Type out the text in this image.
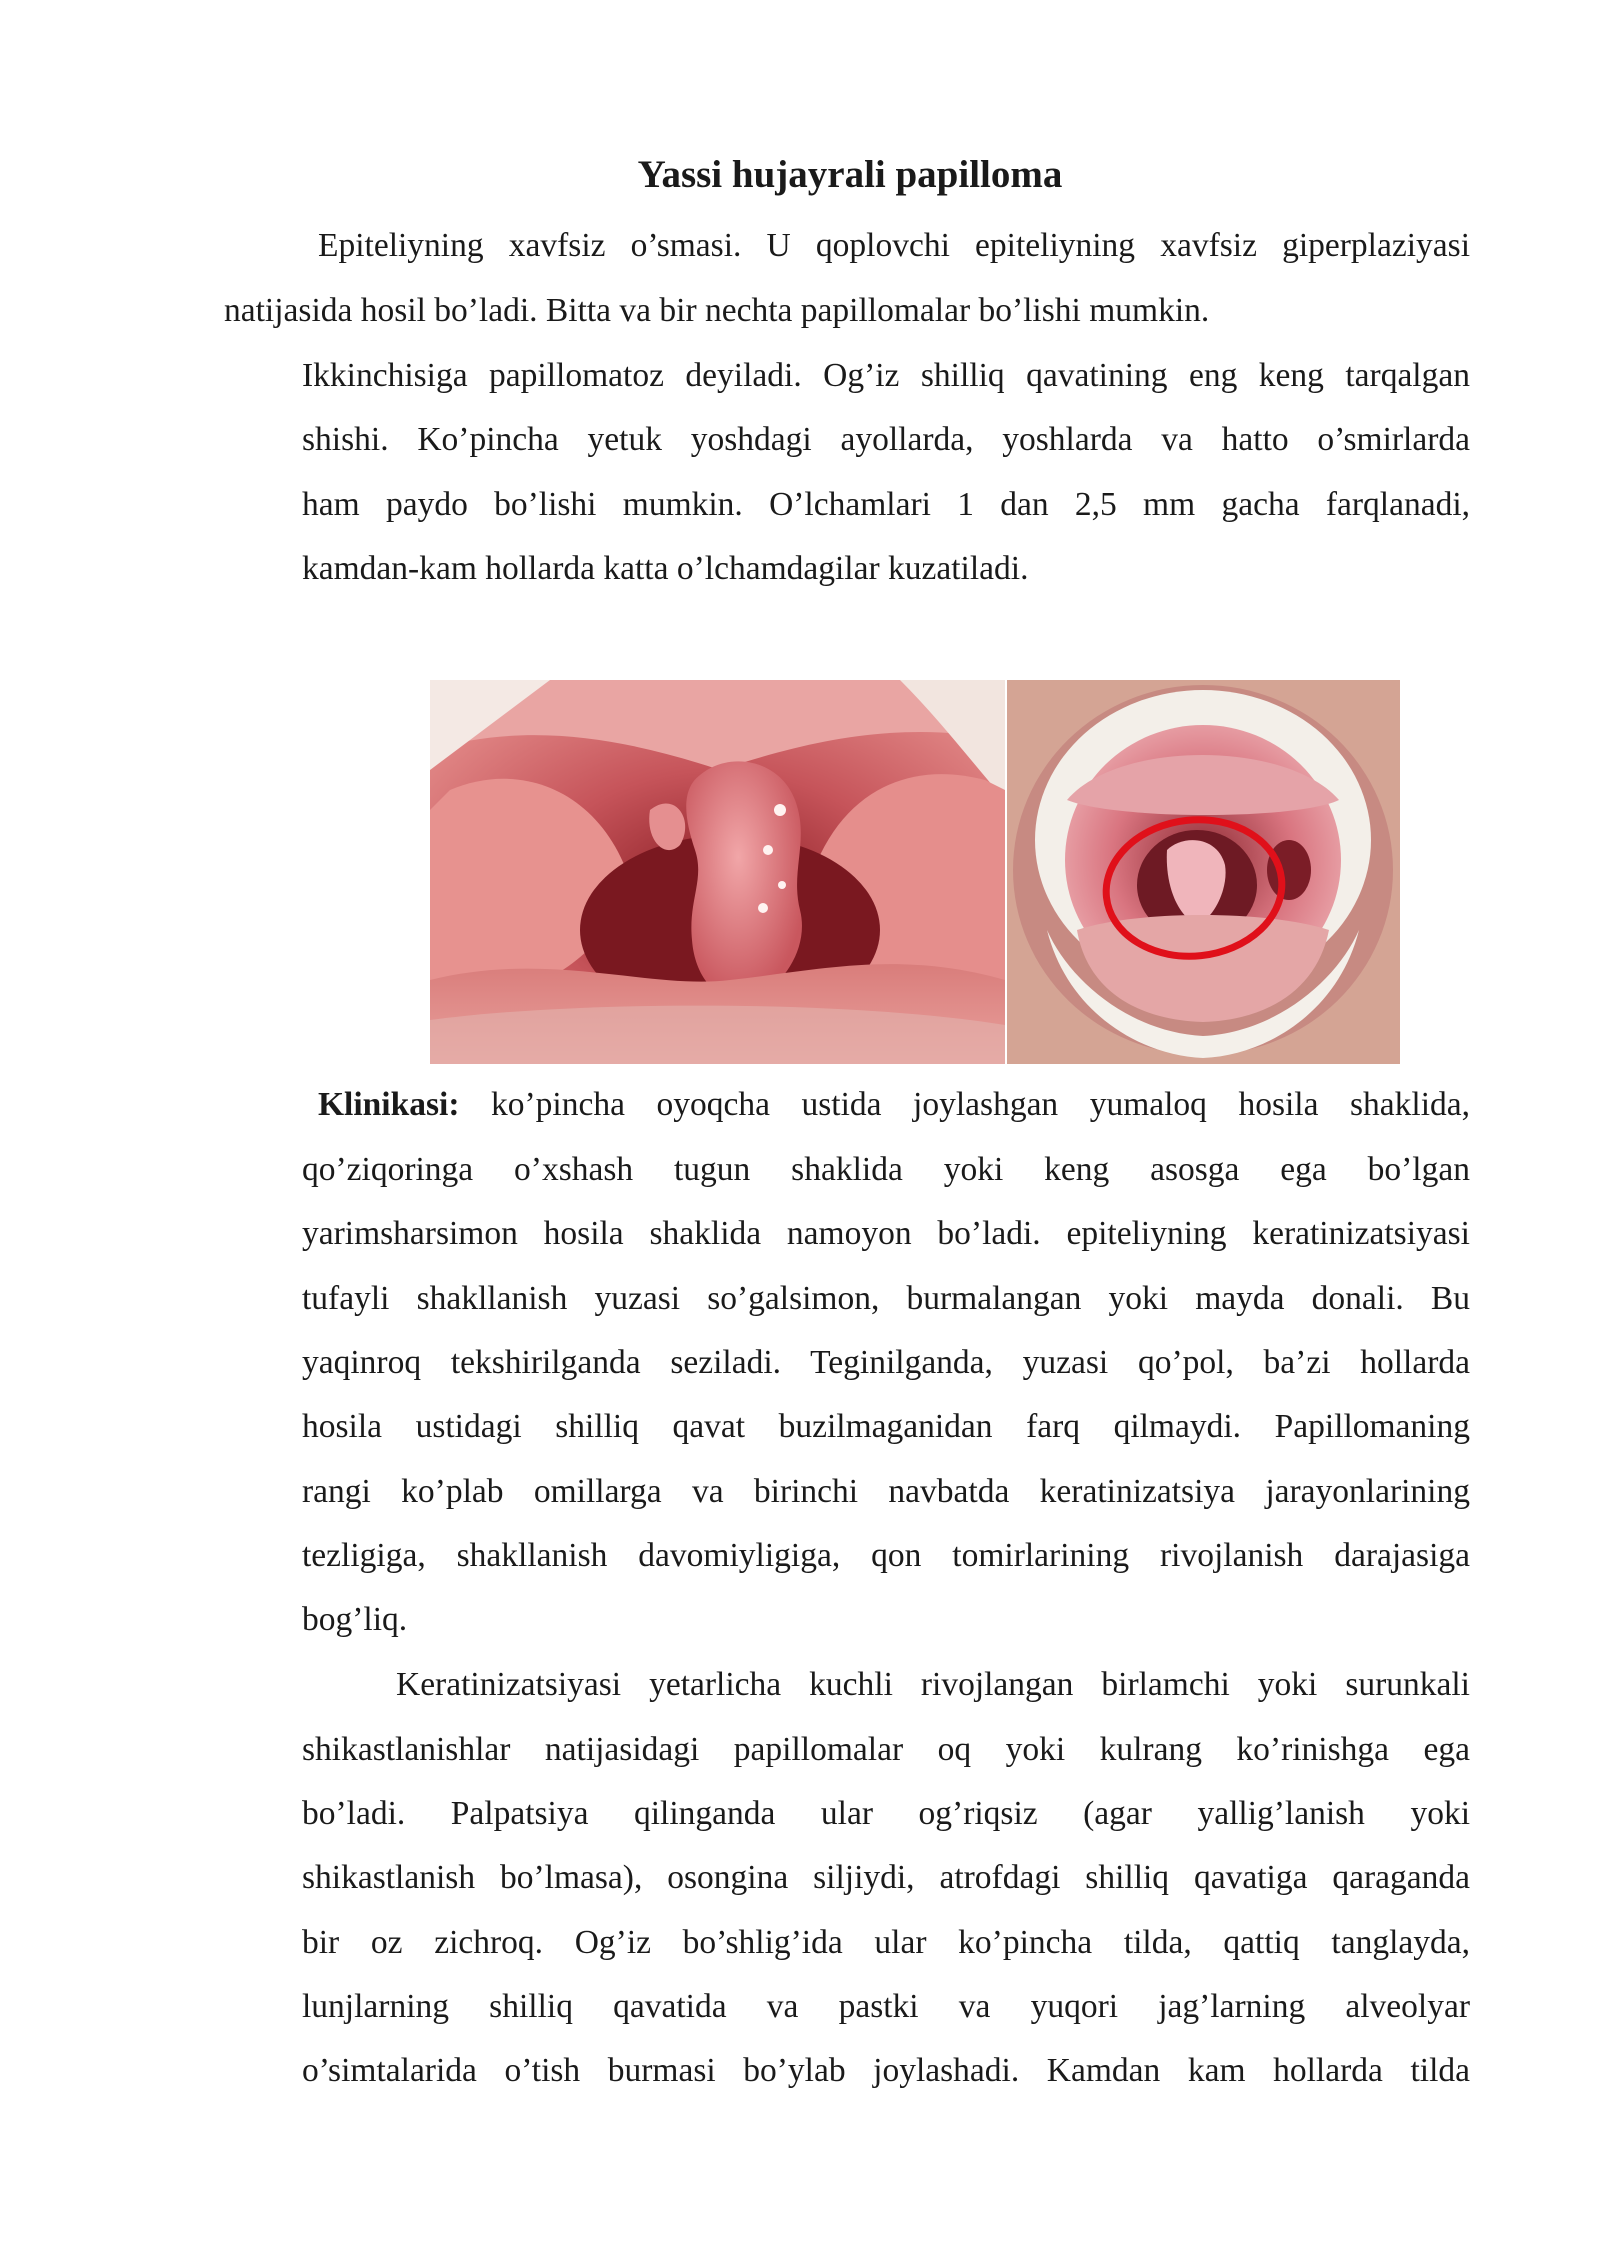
Yassi hujayrali papilloma
Epiteliyning xavfsiz o’smasi. U qoplovchi epiteliyning xavfsiz giperplaziyasi
natijasida hosil bo’ladi. Bitta va bir nechta papillomalar bo’lishi mumkin.
Ikkinchisiga papillomatoz deyiladi. Og’iz shilliq qavatining eng keng tarqalgan
shishi. Ko’pincha yetuk yoshdagi ayollarda, yoshlarda va hatto o’smirlarda
ham paydo bo’lishi mumkin. O’lchamlari 1 dan 2,5 mm gacha farqlanadi,
kamdan-kam hollarda katta o’lchamdagilar kuzatiladi.
Klinikasi: ko’pincha oyoqcha ustida joylashgan yumaloq hosila shaklida,
qo’ziqoringa o’xshash tugun shaklida yoki keng asosga ega bo’lgan
yarimsharsimon hosila shaklida namoyon bo’ladi. epiteliyning keratinizatsiyasi
tufayli shakllanish yuzasi so’galsimon, burmalangan yoki mayda donali. Bu
yaqinroq tekshirilganda seziladi. Teginilganda, yuzasi qo’pol, ba’zi hollarda
hosila ustidagi shilliq qavat buzilmaganidan farq qilmaydi. Papillomaning
rangi ko’plab omillarga va birinchi navbatda keratinizatsiya jarayonlarining
tezligiga, shakllanish davomiyligiga, qon tomirlarining rivojlanish darajasiga
bog’liq.
Keratinizatsiyasi yetarlicha kuchli rivojlangan birlamchi yoki surunkali
shikastlanishlar natijasidagi papillomalar oq yoki kulrang ko’rinishga ega
bo’ladi. Palpatsiya qilinganda ular og’riqsiz (agar yallig’lanish yoki
shikastlanish bo’lmasa), osongina siljiydi, atrofdagi shilliq qavatiga qaraganda
bir oz zichroq. Og’iz bo’shlig’ida ular ko’pincha tilda, qattiq tanglayda,
lunjlarning shilliq qavatida va pastki va yuqori jag’larning alveolyar
o’simtalarida o’tish burmasi bo’ylab joylashadi. Kamdan kam hollarda tilda
